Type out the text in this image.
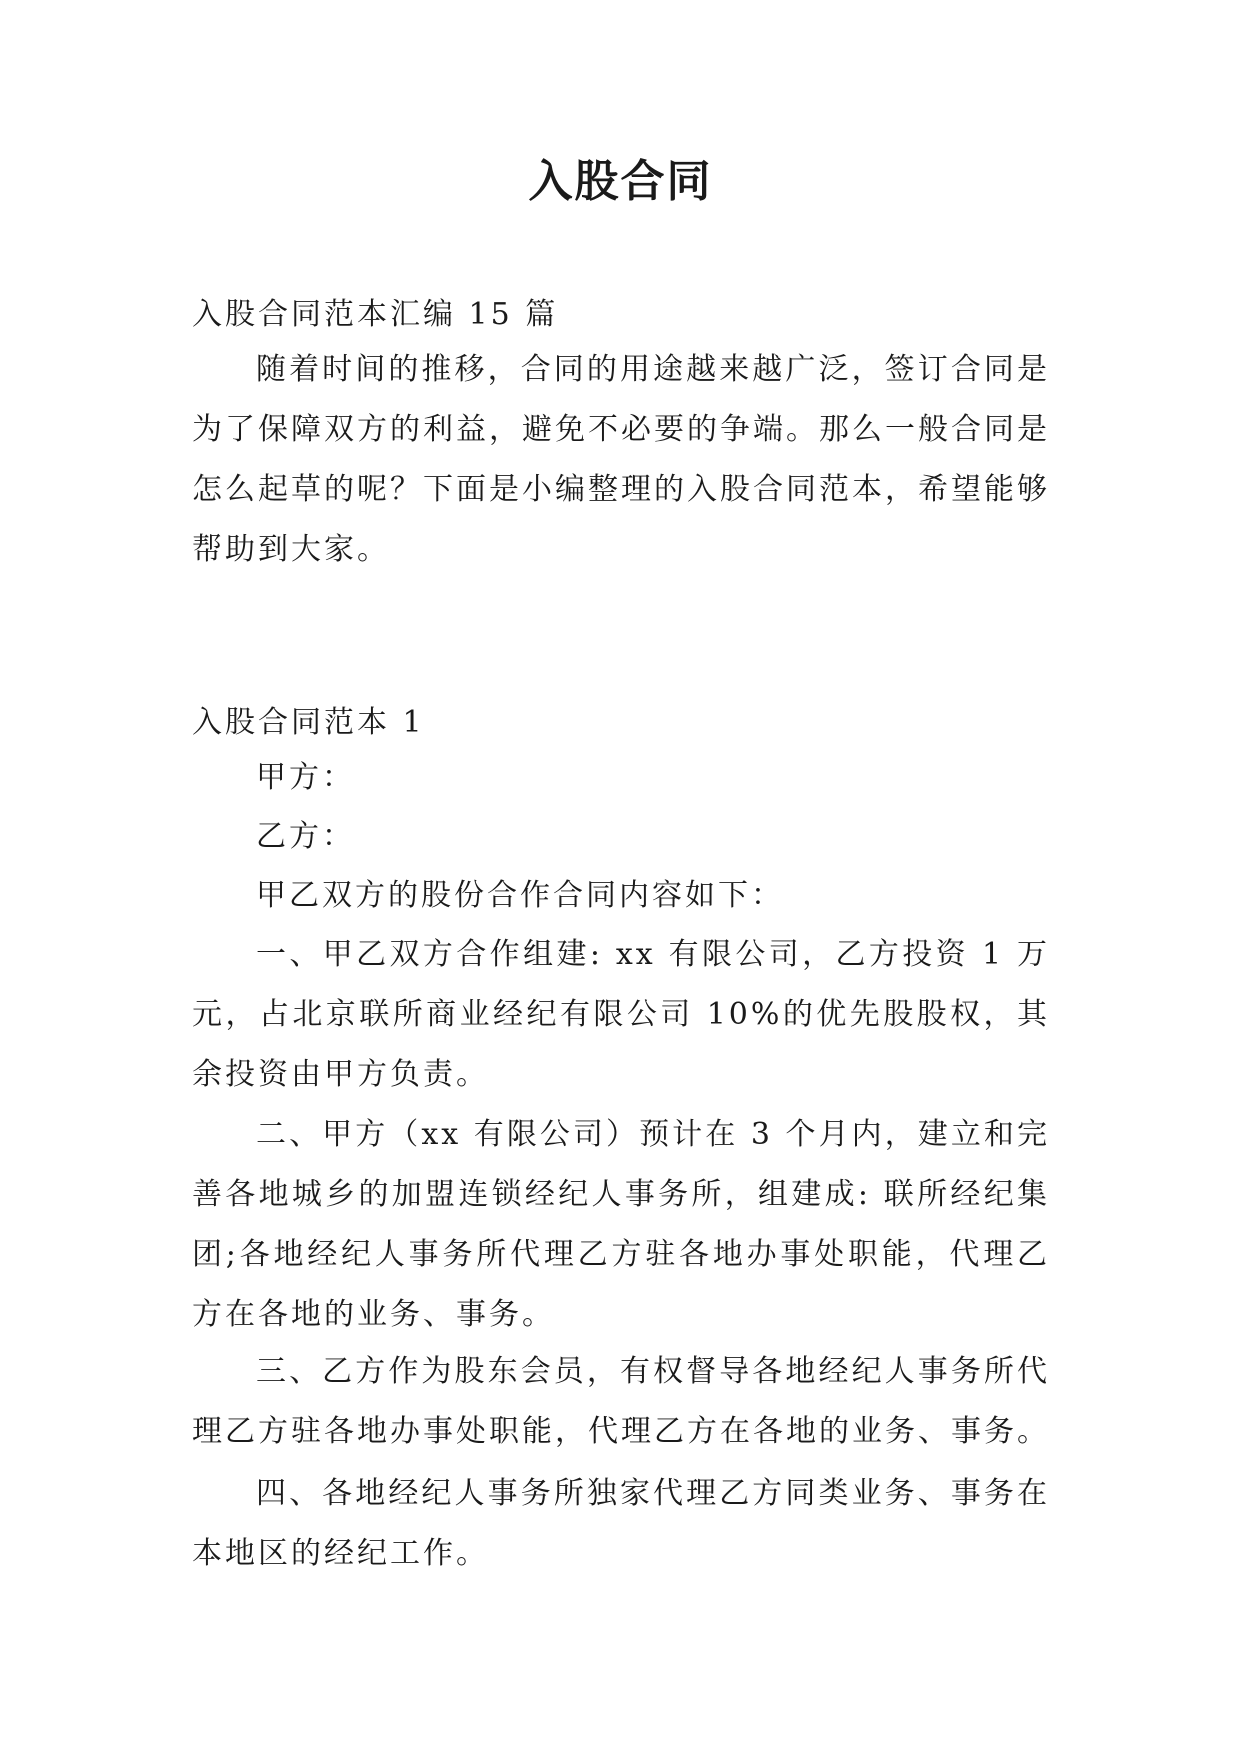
入股合同

入股合同范本汇编 15 篇

随着时间的推移，合同的用途越来越广泛，签订合同是为了保障双方的利益，避免不必要的争端。那么一般合同是怎么起草的呢？下面是小编整理的入股合同范本，希望能够帮助到大家。

入股合同范本 1

甲方：

乙方：

甲乙双方的股份合作合同内容如下：

一、甲乙双方合作组建: xx 有限公司，乙方投资 1 万元，占北京联所商业经纪有限公司 10%的优先股股权，其余投资由甲方负责。

二、甲方（xx 有限公司）预计在 3 个月内，建立和完善各地城乡的加盟连锁经纪人事务所，组建成: 联所经纪集团;各地经纪人事务所代理乙方驻各地办事处职能，代理乙方在各地的业务、事务。

三、乙方作为股东会员，有权督导各地经纪人事务所代理乙方驻各地办事处职能，代理乙方在各地的业务、事务。

四、各地经纪人事务所独家代理乙方同类业务、事务在本地区的经纪工作。
